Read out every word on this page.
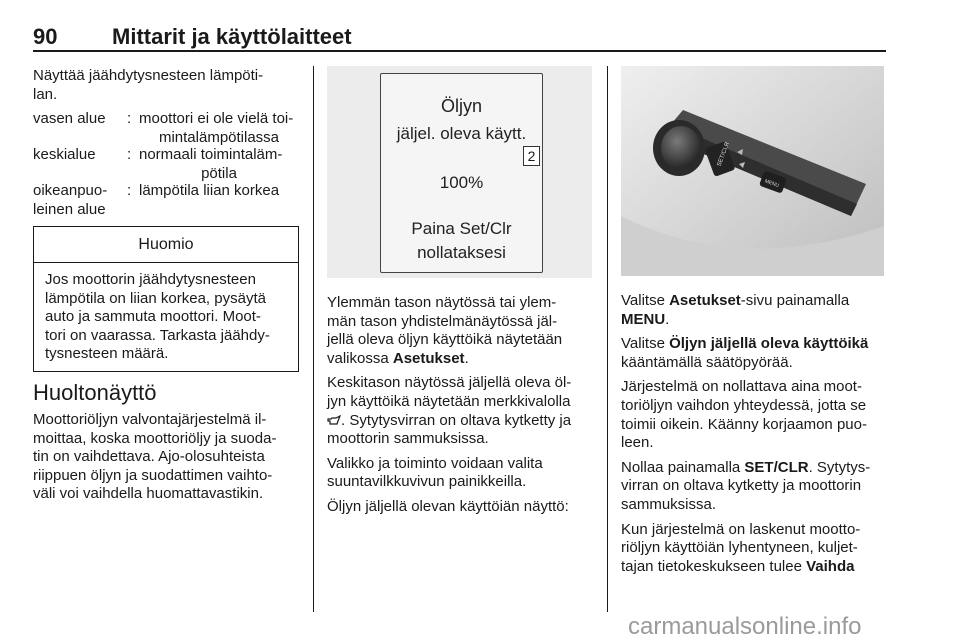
90 Mittarit ja käyttölaitteet
Näyttää jäähdytysnesteen lämpöti-
lan.
vasen alue	: moottori ei ole vielä toi-
mintalämpötilassa
keskialue	: normaali toimintaläm-
pötila
oikeanpuo-
leinen alue
: lämpötila liian korkea
Huomio
Jos moottorin jäähdytysnesteen
lämpötila on liian korkea, pysäytä
auto ja sammuta moottori. Moot-
tori on vaarassa. Tarkasta jäähdy-
tysnesteen määrä.
Huoltonäyttö
Moottoriöljyn valvontajärjestelmä il-
moittaa, koska moottoriöljy ja suoda-
tin on vaihdettava. Ajo-olosuhteista
riippuen öljyn ja suodattimen vaihto-
väli voi vaihdella huomattavastikin.
Öljyn
jäljel. oleva käytt.
2
100%
Paina Set/Clr
nollataksesi

Ylemmän tason näytössä tai ylem-
män tason yhdistelmänäytössä jäl-
jellä oleva öljyn käyttöikä näytetään
valikossa Asetukset.

Keskitason näytössä jäljellä oleva öl-
jyn käyttöikä näytetään merkkivalolla
. Sytytysvirran on oltava kytketty ja
moottorin sammuksissa.

Valikko ja toiminto voidaan valita
suuntavilkkuvivun painikkeilla.

Öljyn jäljellä olevan käyttöiän näyttö:

SET/CLR
MENU

Valitse Asetukset-sivu painamalla
MENU.

Valitse Öljyn jäljellä oleva käyttöikä
kääntämällä säätöpyörää.

Järjestelmä on nollattava aina moot-
toriöljyn vaihdon yhteydessä, jotta se
toimii oikein. Käänny korjaamon puo-
leen.

Nollaa painamalla SET/CLR. Sytytys-
virran on oltava kytketty ja moottorin
sammuksissa.

Kun järjestelmä on laskenut mootto-
riöljyn käyttöiän lyhentyneen, kuljet-
tajan tietokeskukseen tulee Vaihda

carmanualsonline.info
